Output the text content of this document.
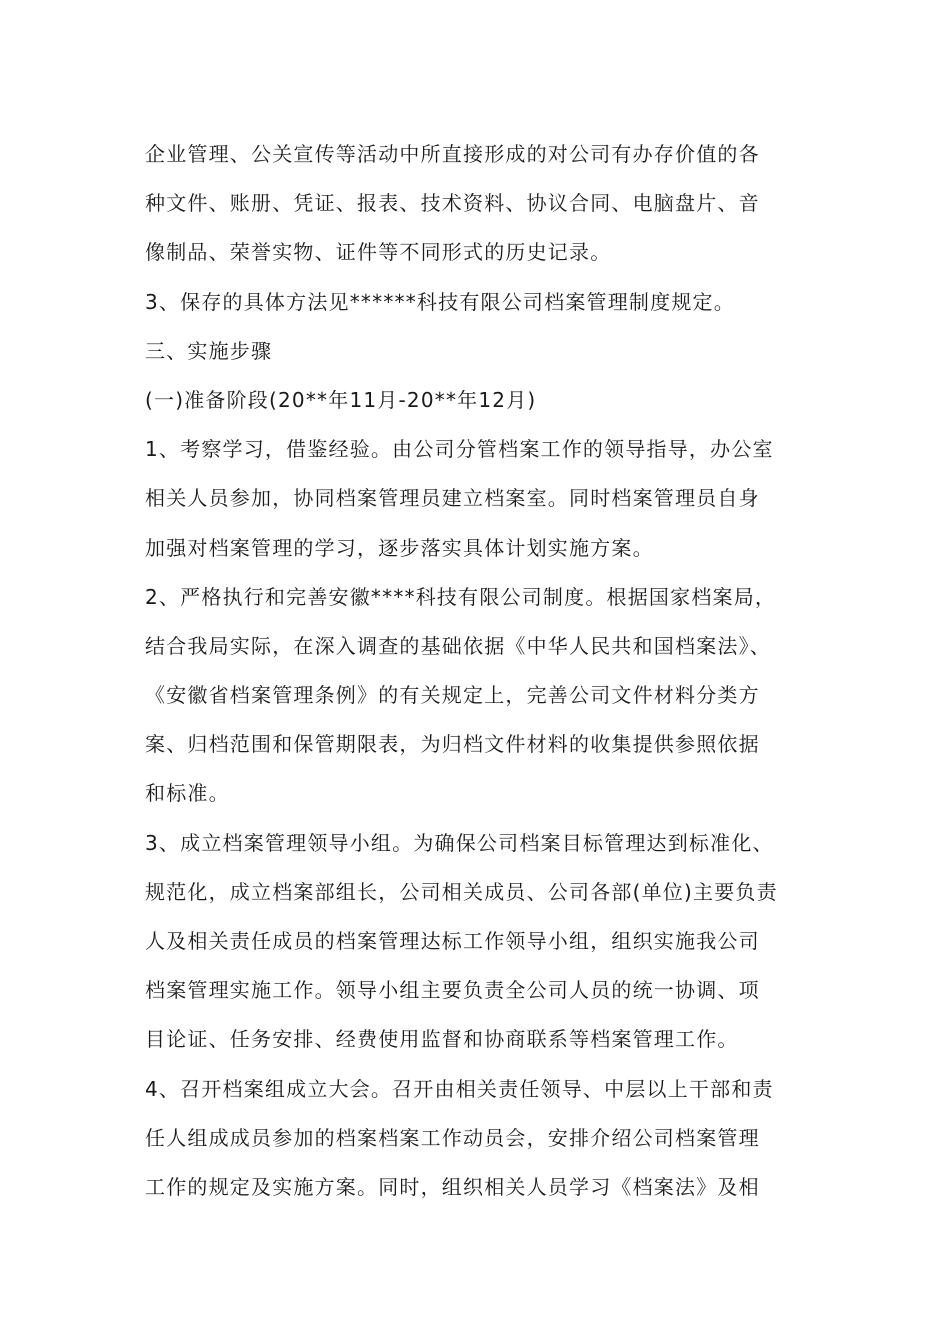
企业管理、公关宣传等活动中所直接形成的对公司有办存价值的各
种文件、账册、凭证、报表、技术资料、协议合同、电脑盘片、音
像制品、荣誉实物、证件等不同形式的历史记录。
3、保存的具体方法见******科技有限公司档案管理制度规定。
三、实施步骤
(一)准备阶段(20**年11月-20**年12月)
1、考察学习，借鉴经验。由公司分管档案工作的领导指导，办公室
相关人员参加，协同档案管理员建立档案室。同时档案管理员自身
加强对档案管理的学习，逐步落实具体计划实施方案。
2、严格执行和完善安徽****科技有限公司制度。根据国家档案局，
结合我局实际，在深入调查的基础依据《中华人民共和国档案法》、
《安徽省档案管理条例》的有关规定上，完善公司文件材料分类方
案、归档范围和保管期限表，为归档文件材料的收集提供参照依据
和标准。
3、成立档案管理领导小组。为确保公司档案目标管理达到标准化、
规范化，成立档案部组长，公司相关成员、公司各部(单位)主要负责
人及相关责任成员的档案管理达标工作领导小组，组织实施我公司
档案管理实施工作。领导小组主要负责全公司人员的统一协调、项
目论证、任务安排、经费使用监督和协商联系等档案管理工作。
4、召开档案组成立大会。召开由相关责任领导、中层以上干部和责
任人组成成员参加的档案档案工作动员会，安排介绍公司档案管理
工作的规定及实施方案。同时，组织相关人员学习《档案法》及相
